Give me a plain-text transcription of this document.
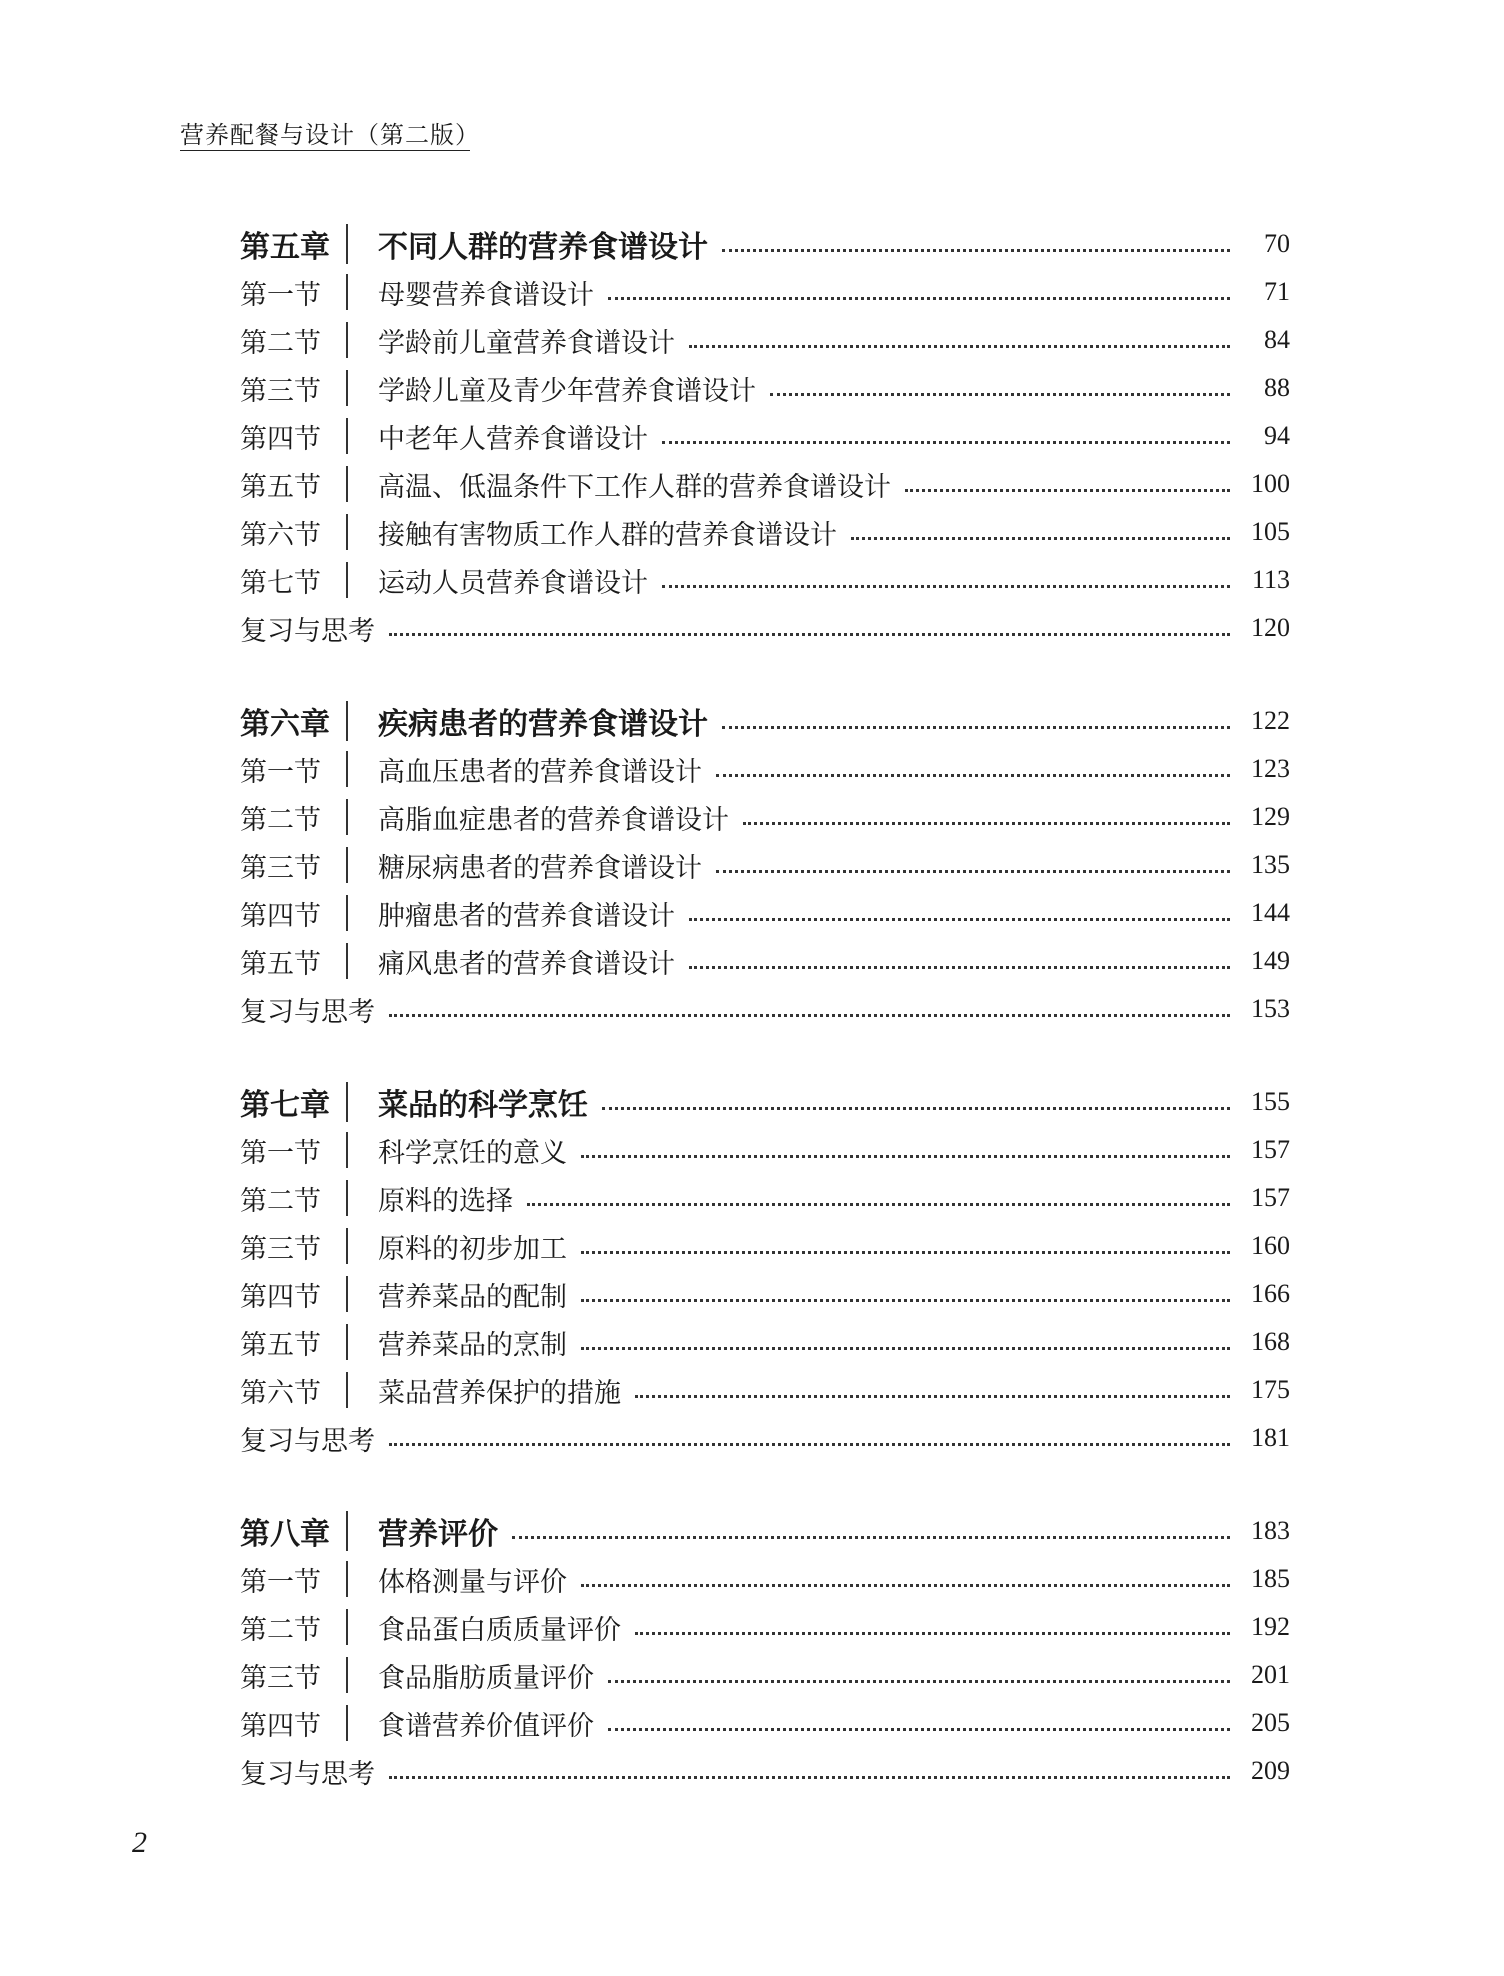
营养配餐与设计（第二版）
第五章	不同人群的营养食谱设计	70
第一节	母婴营养食谱设计	71
第二节	学龄前儿童营养食谱设计	84
第三节	学龄儿童及青少年营养食谱设计	88
第四节	中老年人营养食谱设计	94
第五节	高温、低温条件下工作人群的营养食谱设计	100
第六节	接触有害物质工作人群的营养食谱设计	105
第七节	运动人员营养食谱设计	113
复习与思考	120
第六章	疾病患者的营养食谱设计	122
第一节	高血压患者的营养食谱设计	123
第二节	高脂血症患者的营养食谱设计	129
第三节	糖尿病患者的营养食谱设计	135
第四节	肿瘤患者的营养食谱设计	144
第五节	痛风患者的营养食谱设计	149
复习与思考	153
第七章	菜品的科学烹饪	155
第一节	科学烹饪的意义	157
第二节	原料的选择	157
第三节	原料的初步加工	160
第四节	营养菜品的配制	166
第五节	营养菜品的烹制	168
第六节	菜品营养保护的措施	175
复习与思考	181
第八章	营养评价	183
第一节	体格测量与评价	185
第二节	食品蛋白质质量评价	192
第三节	食品脂肪质量评价	201
第四节	食谱营养价值评价	205
复习与思考	209
2
